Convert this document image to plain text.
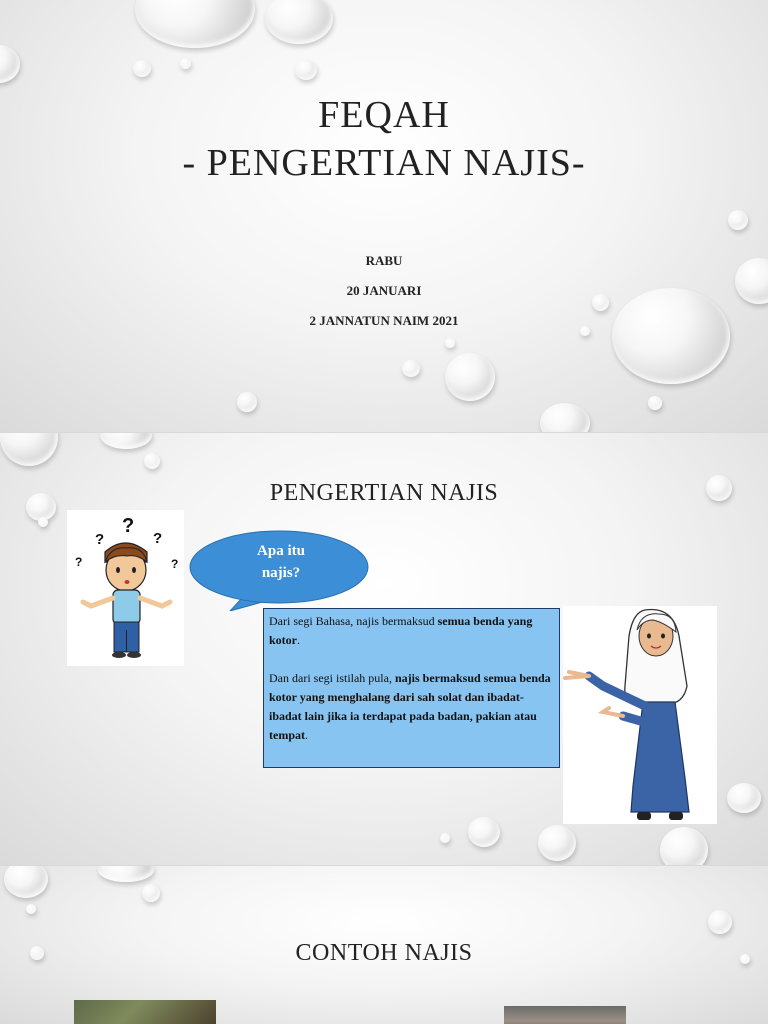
FEQAH
- PENGERTIAN NAJIS-
RABU
20 JANUARI
2 JANNATUN NAIM 2021
PENGERTIAN NAJIS
?
?	?
?	?
Apa itu
najis?

Dari segi Bahasa, najis bermaksud semua benda yang kotor.

Dan dari segi istilah pula, najis bermaksud semua benda kotor yang menghalang dari sah solat dan ibadat-ibadat lain jika ia terdapat pada badan, pakian atau tempat.

CONTOH NAJIS
